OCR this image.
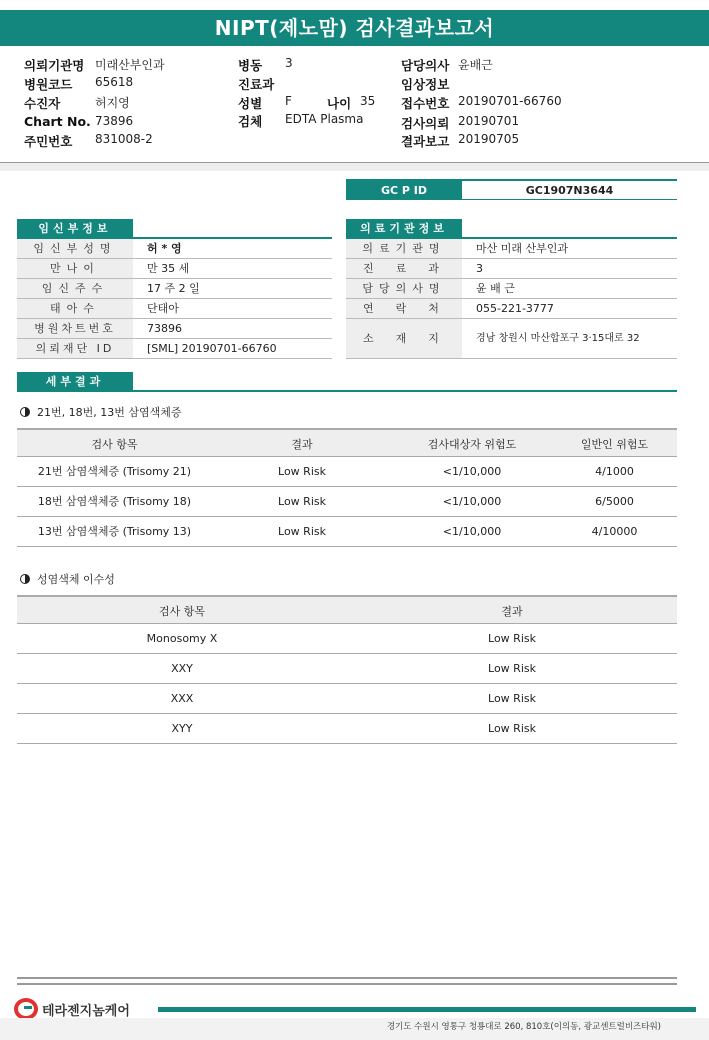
NIPT(제노맘) 검사결과보고서
의뢰기관명 미래산부인과
병원코드 65618
수진자	허지영
Chart No. 73896
주민번호 831008-2
병동 3
진료과
성별 F	나이 35
검체 EDTA Plasma
담당의사 윤배근
임상정보
접수번호 20190701-66760
검사의뢰 20190701
결과보고 20190705
GC P ID	GC1907N3644
임신부정보
임신부성명	허 * 영
만나이	만 35 세
임신주수	17 주 2 일
태아수	단태아
병원차트번호	73896
의뢰재단 ID	[SML] 20190701-66760
의료기관정보
의료기관명	마산 미래 산부인과
진료과 3
담당의사명	윤 배 근
연락처 055-221-3777
소재지 경남 창원시 마산합포구 3·15대로 32
세부결과
21번, 18번, 13번 삼염색체증
검사 항목	결과	검사대상자 위험도	일반인 위험도
21번 삼염색체증 (Trisomy 21)	Low Risk	<1/10,000	4/1000
18번 삼염색체증 (Trisomy 18)	Low Risk	<1/10,000	6/5000
13번 삼염색체증 (Trisomy 13)	Low Risk	<1/10,000	4/10000
성염색체 이수성
검사 항목	결과
Monosomy X	Low Risk
XXY	Low Risk
XXX	Low Risk
XYY	Low Risk
테라젠지놈케어
경기도 수원시 영통구 청룡대로 260, 810호(이의동, 광교센트럴비즈타워)
